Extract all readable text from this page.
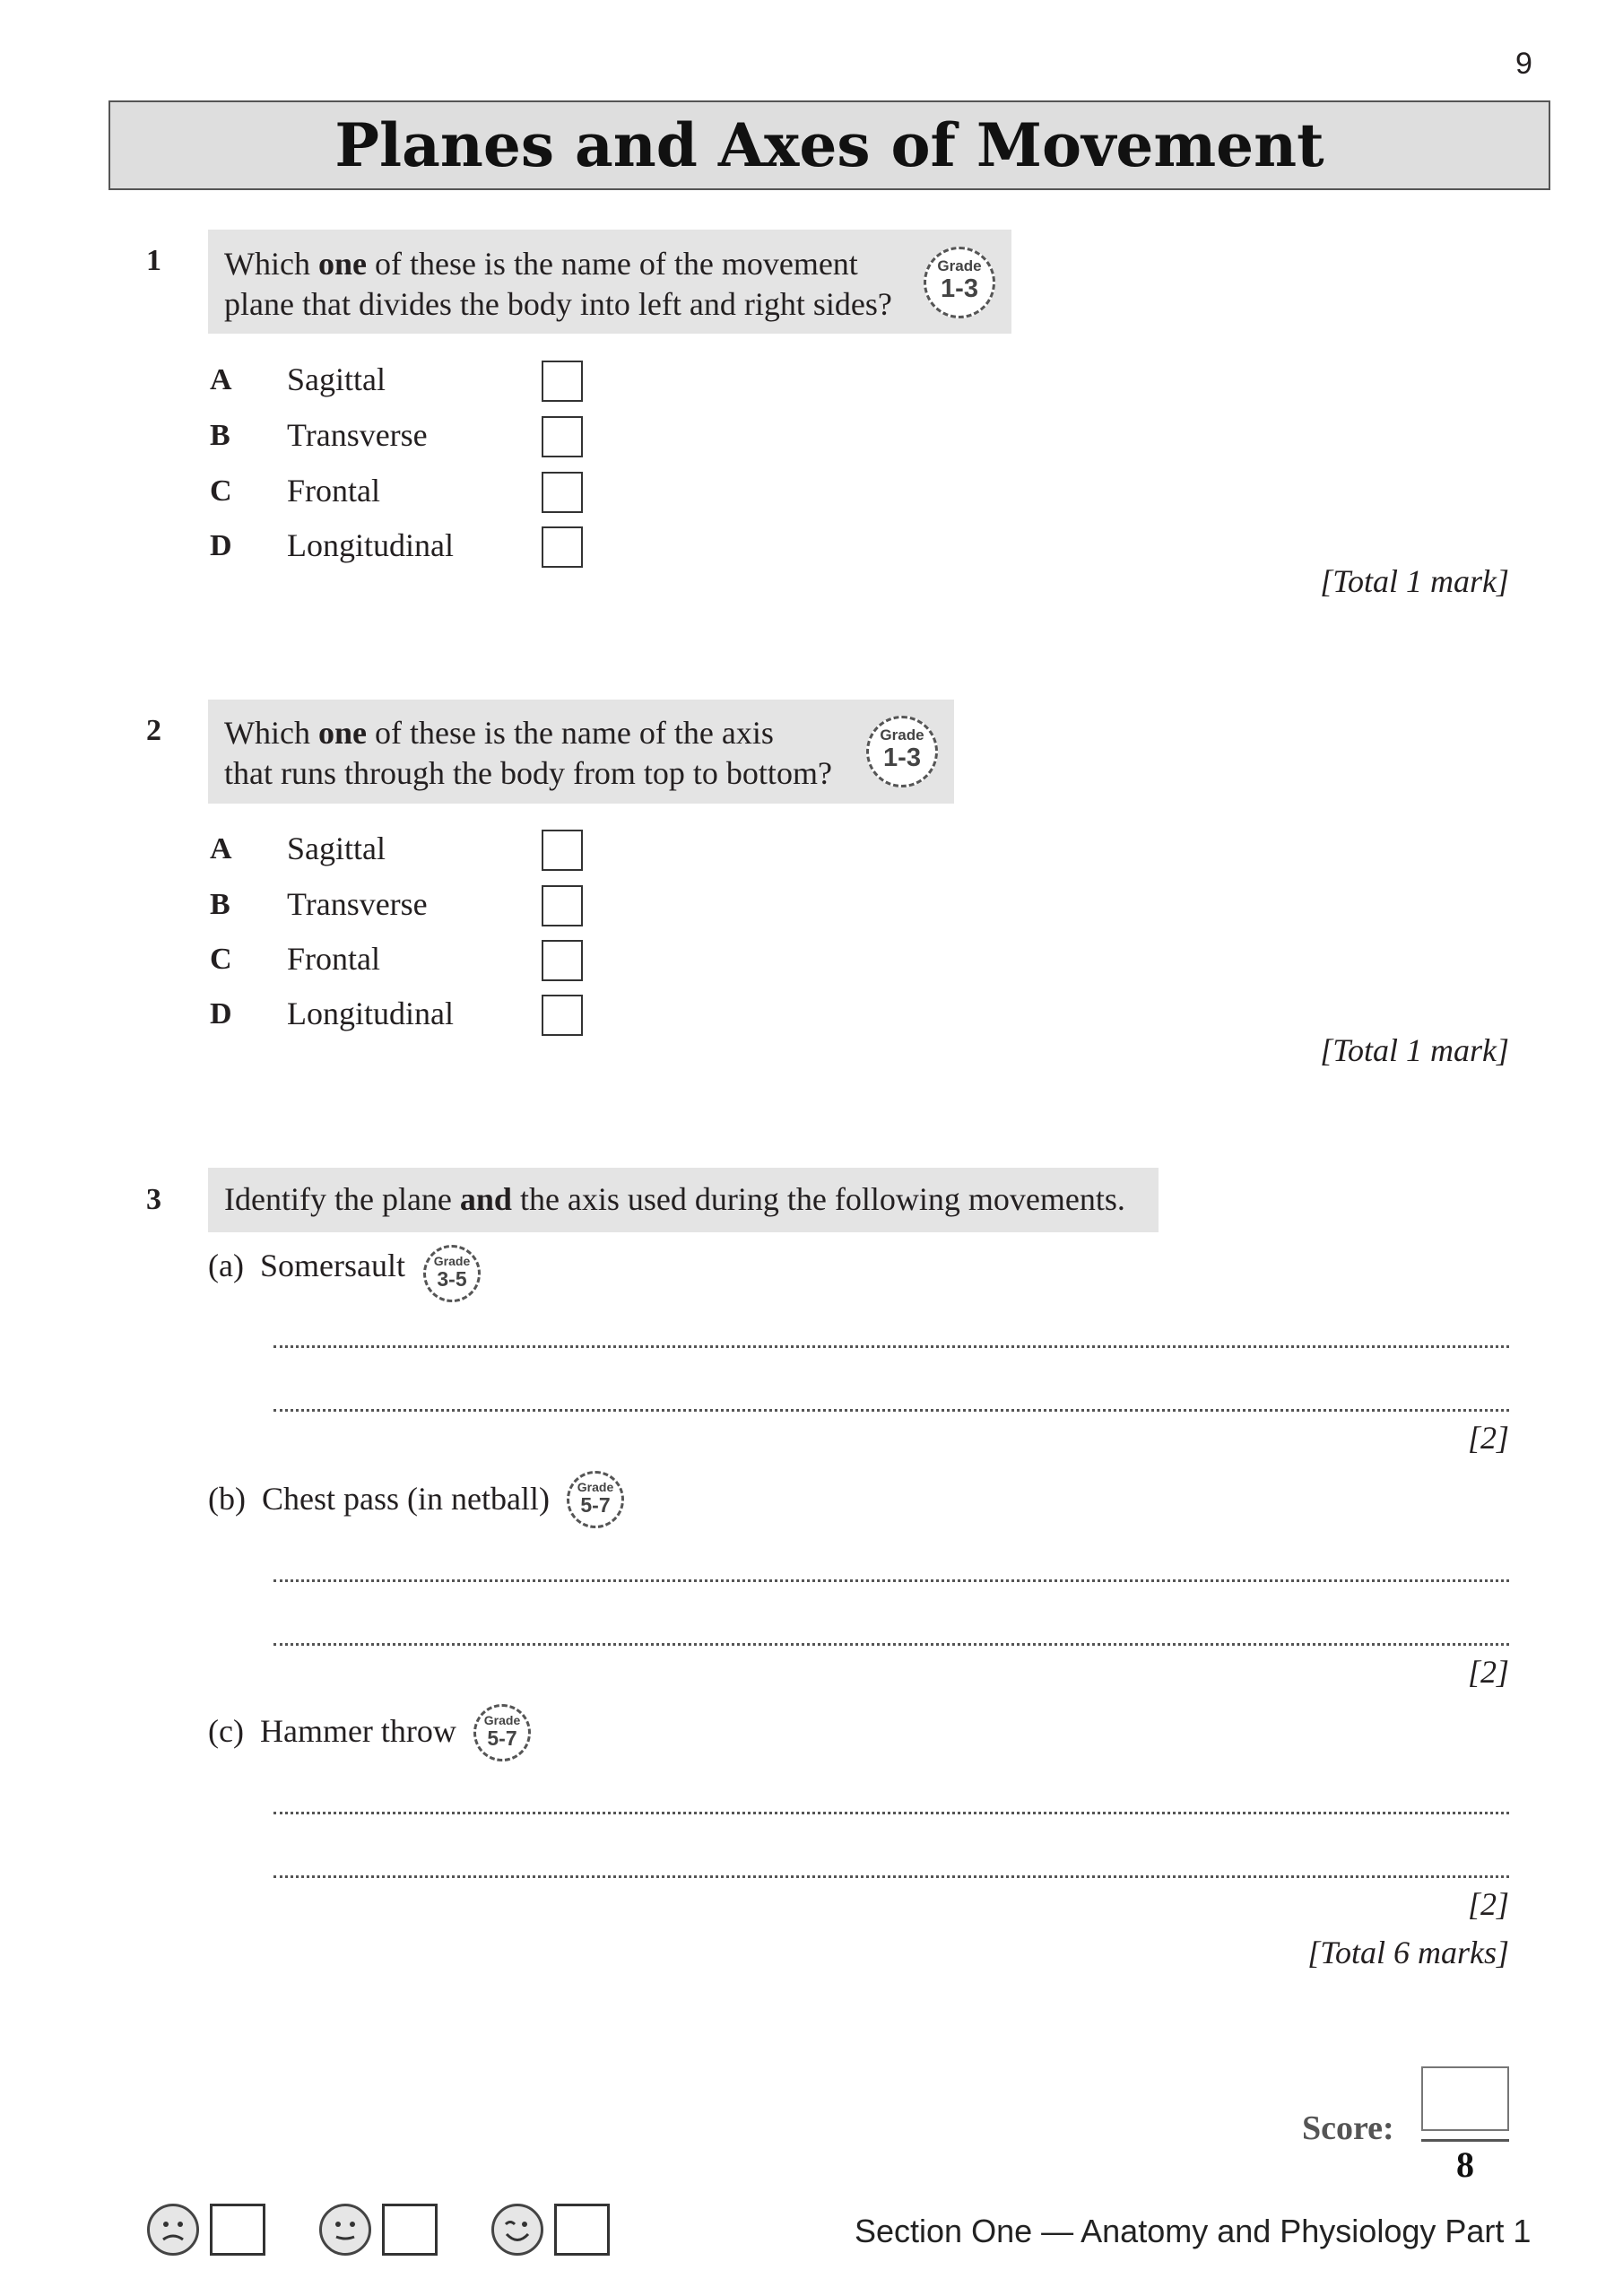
9
Planes and Axes of Movement
1 Which one of these is the name of the movement
plane that divides the body into left and right sides?
Grade
1-3
A Sagittal
B Transverse
C Frontal
D Longitudinal
[Total 1 mark]
2 Which one of these is the name of the axis
that runs through the body from top to bottom?
Grade
1-3
A Sagittal
B Transverse
C Frontal
D Longitudinal
[Total 1 mark]
3 Identify the plane and the axis used during the following movements.
(a) Somersault	Grade
3-5
[2]
(b) Chest pass (in netball)	Grade
5-7
[2]
(c) Hammer throw	Grade
5-7
[2]
[Total 6 marks]
Score:
8
Section One — Anatomy and Physiology Part 1
